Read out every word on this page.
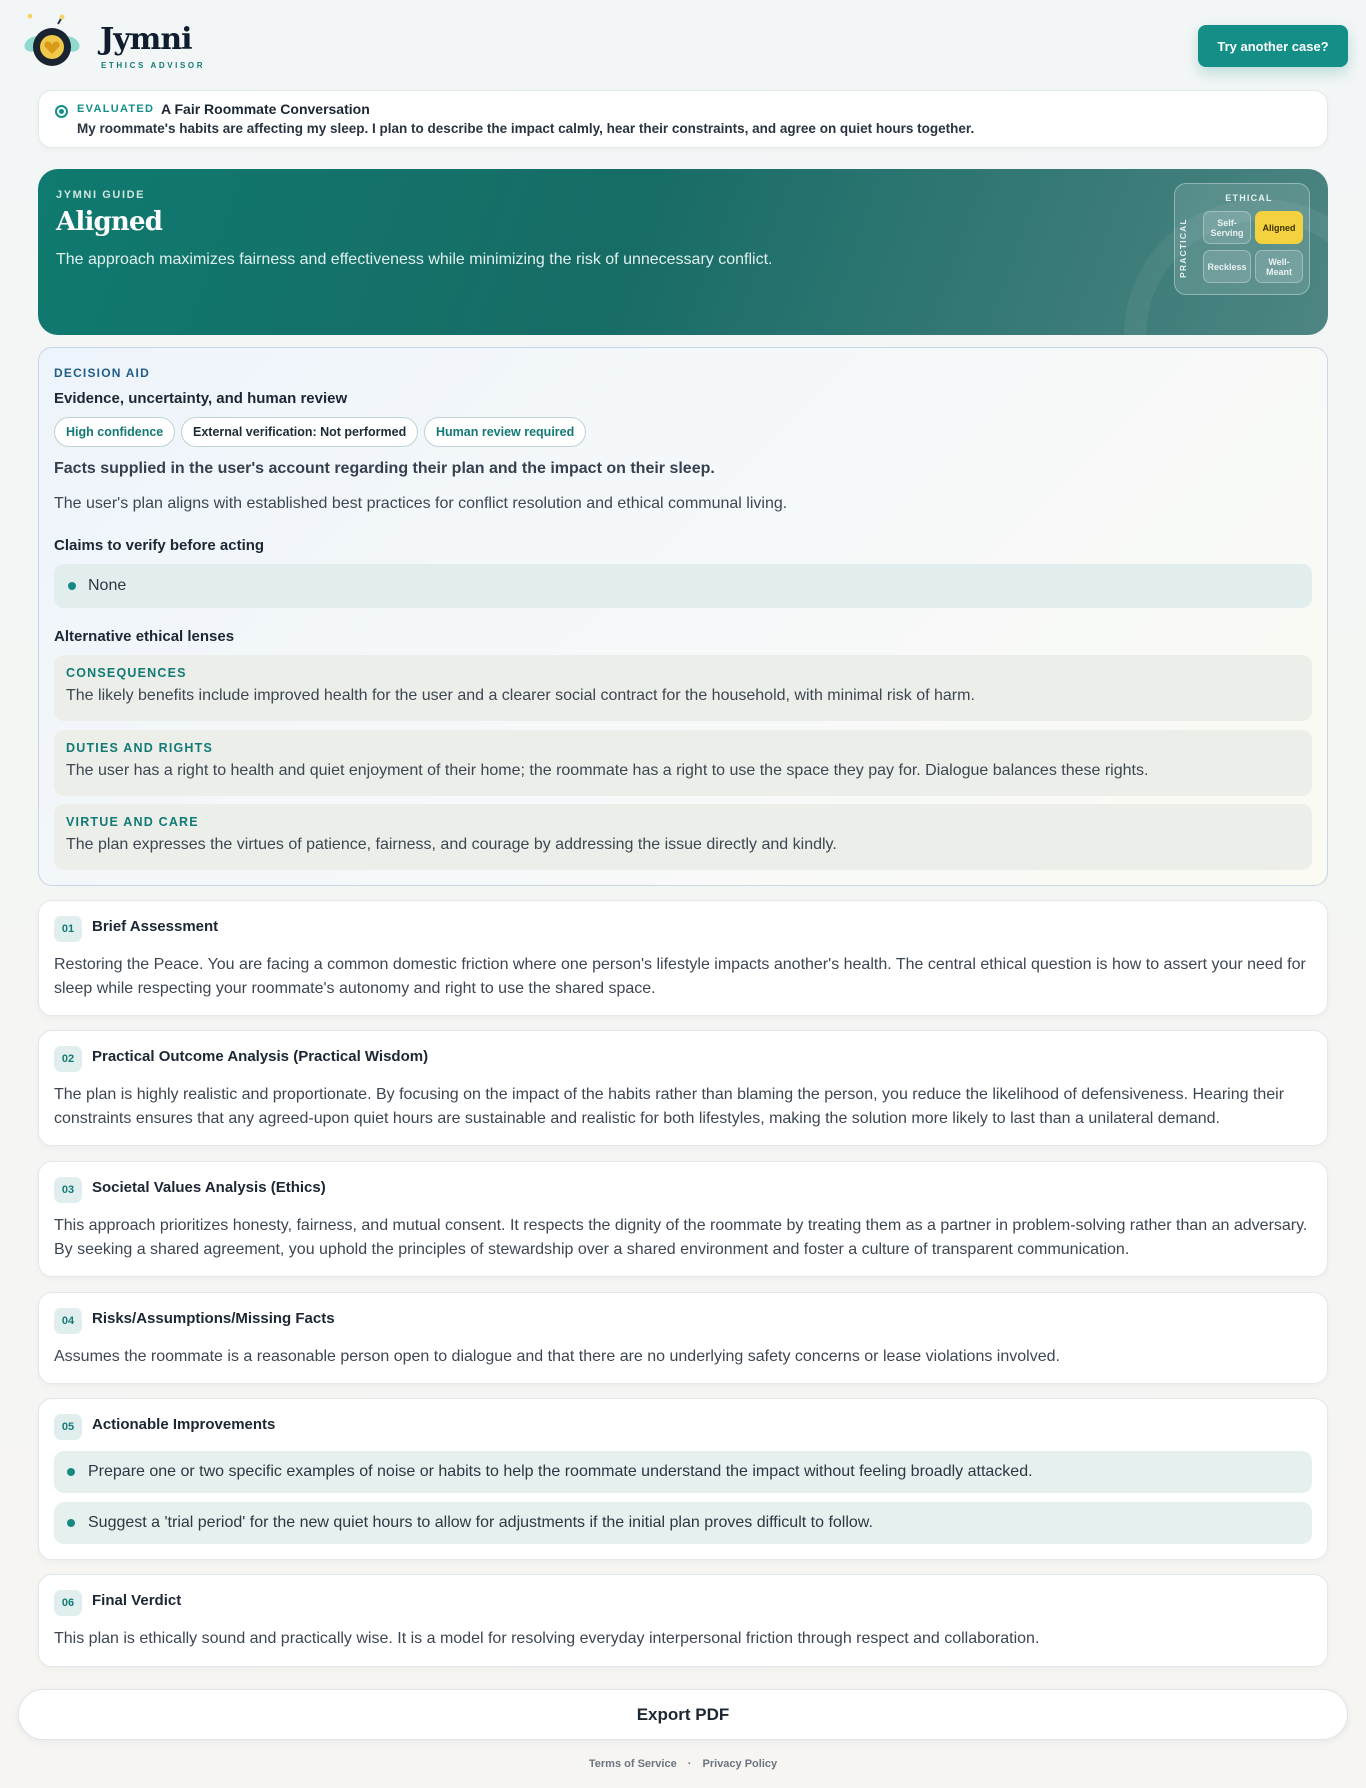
Jymni
ETHICS ADVISOR
Try another case?
EVALUATED A Fair Roommate Conversation
My roommate's habits are affecting my sleep. I plan to describe the impact calmly, hear their constraints, and agree on quiet hours together.
JYMNI GUIDE
Aligned
The approach maximizes fairness and effectiveness while minimizing the risk of unnecessary conflict.
ETHICAL
PRACTICAL	Self-Serving	Aligned
Reckless	Well-Meant
DECISION AID
Evidence, uncertainty, and human review
High confidence	External verification: Not performed	Human review required
Facts supplied in the user's account regarding their plan and the impact on their sleep.
The user's plan aligns with established best practices for conflict resolution and ethical communal living.
Claims to verify before acting
None
Alternative ethical lenses
CONSEQUENCES
The likely benefits include improved health for the user and a clearer social contract for the household, with minimal risk of harm.
DUTIES AND RIGHTS
The user has a right to health and quiet enjoyment of their home; the roommate has a right to use the space they pay for. Dialogue balances these rights.
VIRTUE AND CARE
The plan expresses the virtues of patience, fairness, and courage by addressing the issue directly and kindly.
01	Brief Assessment
Restoring the Peace. You are facing a common domestic friction where one person's lifestyle impacts another's health. The central ethical question is how to assert your need for sleep while respecting your roommate's autonomy and right to use the shared space.
02	Practical Outcome Analysis (Practical Wisdom)
The plan is highly realistic and proportionate. By focusing on the impact of the habits rather than blaming the person, you reduce the likelihood of defensiveness. Hearing their constraints ensures that any agreed-upon quiet hours are sustainable and realistic for both lifestyles, making the solution more likely to last than a unilateral demand.
03	Societal Values Analysis (Ethics)
This approach prioritizes honesty, fairness, and mutual consent. It respects the dignity of the roommate by treating them as a partner in problem-solving rather than an adversary. By seeking a shared agreement, you uphold the principles of stewardship over a shared environment and foster a culture of transparent communication.
04	Risks/Assumptions/Missing Facts
Assumes the roommate is a reasonable person open to dialogue and that there are no underlying safety concerns or lease violations involved.
05	Actionable Improvements
Prepare one or two specific examples of noise or habits to help the roommate understand the impact without feeling broadly attacked.
Suggest a 'trial period' for the new quiet hours to allow for adjustments if the initial plan proves difficult to follow.
06	Final Verdict
This plan is ethically sound and practically wise. It is a model for resolving everyday interpersonal friction through respect and collaboration.
Export PDF
Terms of Service · Privacy Policy
